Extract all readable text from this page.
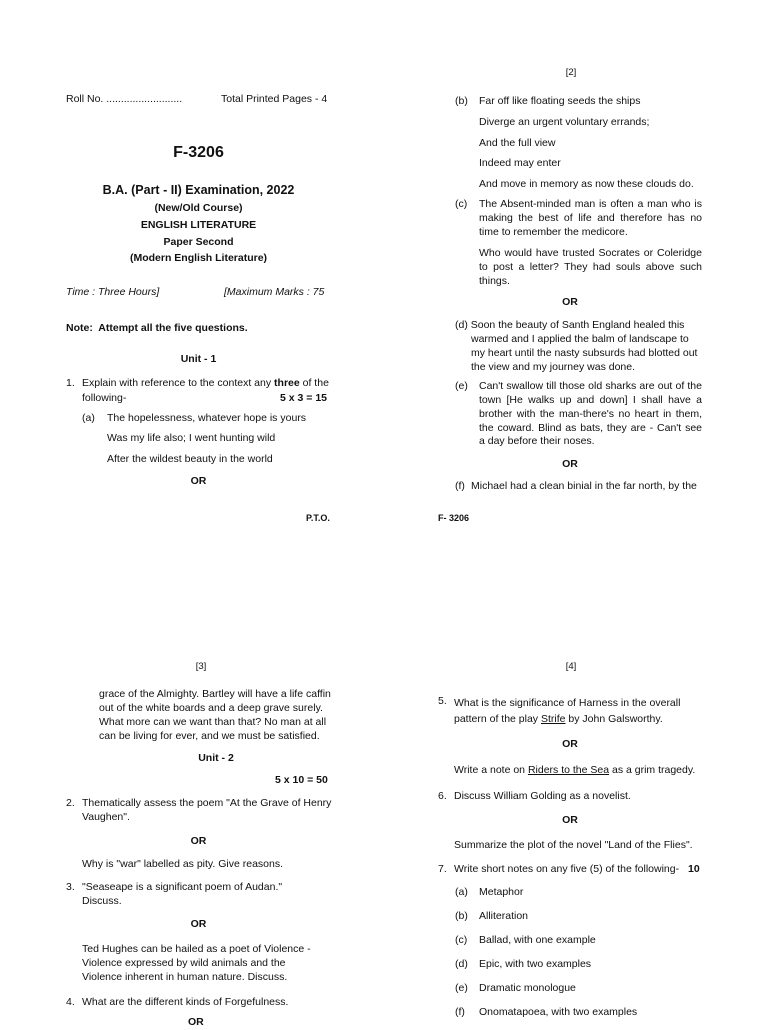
Roll No. ..........................	Total Printed Pages - 4
F-3206
B.A. (Part - II) Examination, 2022
(New/Old Course)
ENGLISH LITERATURE
Paper Second
(Modern English Literature)
Time : Three Hours]	[Maximum Marks : 75
Note: Attempt all the five questions.
Unit - 1
1. Explain with reference to the context any three of the
following-	5 x 3 = 15
(a) The hopelessness, whatever hope is yours
Was my life also; I went hunting wild
After the wildest beauty in the world
OR
P.T.O.
[2]
(b) Far off like floating seeds the ships
Diverge an urgent voluntary errands;
And the full view
Indeed may enter
And move in memory as now these clouds do.
(c) The Absent-minded man is often a man who is making the best of life and therefore has no time to remember the medicore.
Who would have trusted Socrates or Coleridge to post a letter? They had souls above such things.
OR
(d) Soon the beauty of Santh England healed this warmed and I applied the balm of landscape to my heart until the nasty subsurds had blotted out the view and my journey was done.
(e) Can't swallow till those old sharks are out of the town [He walks up and down] I shall have a brother with the man-there's no heart in them, the coward. Blind as bats, they are - Can't see a day before their noses.
OR
(f) Michael had a clean binial in the far north, by the
F- 3206
[3]
grace of the Almighty. Bartley will have a life caffin out of the white boards and a deep grave surely. What more can we want than that? No man at all can be living for ever, and we must be satisfied.
Unit - 2
5 x 10 = 50
2. Thematically assess the poem "At the Grave of Henry Vaughen".
OR
Why is "war" labelled as pity. Give reasons.
3. "Seaseape is a significant poem of Audan." Discuss.
OR
Ted Hughes can be hailed as a poet of Violence - Violence expressed by wild animals and the Violence inherent in human nature. Discuss.
4. What are the different kinds of Forgefulness.
OR
[4]
5. What is the significance of Harness in the overall pattern of the play Strife by John Galsworthy.
OR
Write a note on Riders to the Sea as a grim tragedy.
6. Discuss William Golding as a novelist.
OR
Summarize the plot of the novel "Land of the Flies".
7. Write short notes on any five (5) of the following- 10
(a) Metaphor
(b) Alliteration
(c) Ballad, with one example
(d) Epic, with two examples
(e) Dramatic monologue
(f) Onomatapoea, with two examples
